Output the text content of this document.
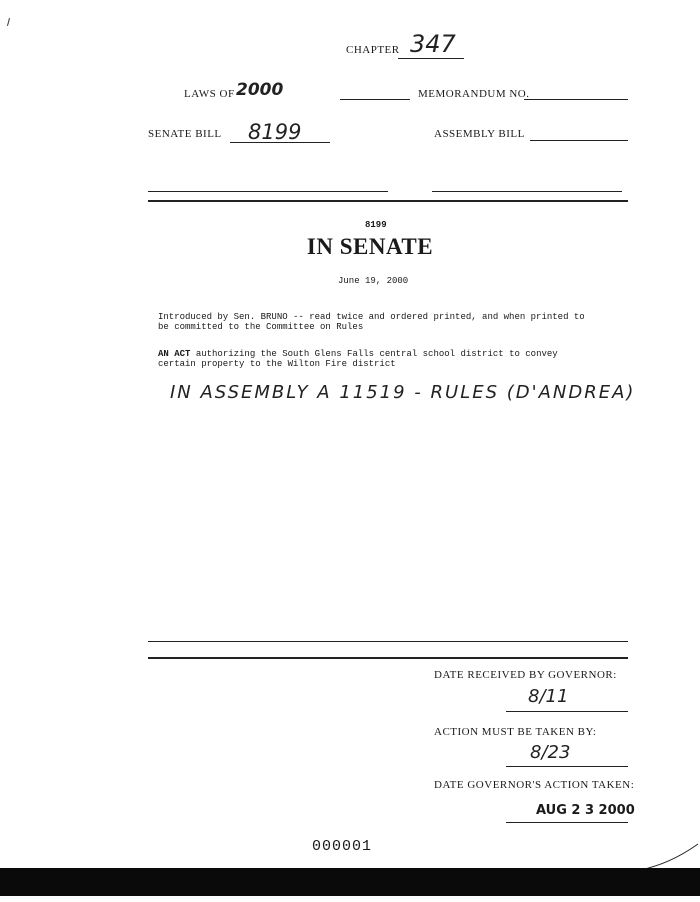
CHAPTER 347
LAWS OF 2000	MEMORANDUM NO.
SENATE BILL 8199	ASSEMBLY BILL
8199
IN SENATE
June 19, 2000
Introduced by Sen. BRUNO -- read twice and ordered printed, and when printed to be committed to the Committee on Rules
AN ACT authorizing the South Glens Falls central school district to convey certain property to the Wilton Fire district
IN ASSEMBLY A 11519 - RULES (D'ANDREA)
DATE RECEIVED BY GOVERNOR:
8/11
ACTION MUST BE TAKEN BY:
8/23
DATE GOVERNOR'S ACTION TAKEN:
AUG 2 3 2000
000001
